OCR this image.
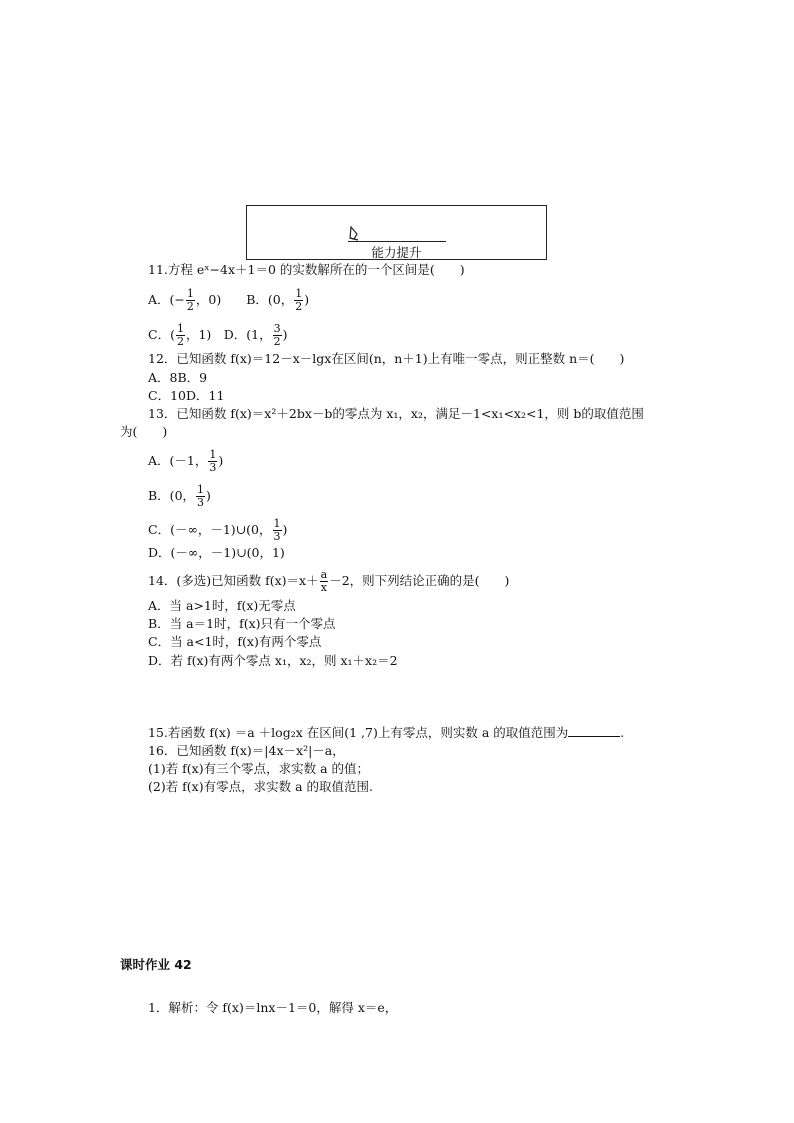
能力提升
11.方程 eˣ−4x＋1＝0 的实数解所在的一个区间是(　　)
A．(− $\frac{1}{2}$ ，0)　　B．(0， $\frac{1}{2}$ )
C．( $\frac{1}{2}$ ，1)　D．(1， $\frac{3}{2}$ )
12．已知函数 f(x)＝12－x－lgx在区间(n，n＋1)上有唯一零点，则正整数 n＝(　　)
A．8B．9
C．10D．11
13．已知函数 f(x)＝x²＋2bx－b的零点为 x₁，x₂，满足－1<x₁<x₂<1，则 b的取值范围
为(　　)
A．(－1， $\frac{1}{3}$ )
B．(0， $\frac{1}{3}$ )
C．(－∞，－1)∪(0， $\frac{1}{3}$ )
D．(－∞，－1)∪(0，1)
14．(多选)已知函数 $f(x)=x+ \frac{a}{x} -2$，则下列结论正确的是(　　)
A．当 a>1时，f(x)无零点
B．当 a＝1时，f(x)只有一个零点
C．当 a<1时，f(x)有两个零点
D．若 f(x)有两个零点 x₁，x₂，则 x₁＋x₂＝2
15.若函数 f(x) ＝a ＋log₂x 在区间(1 ,7)上有零点，则实数 a 的取值范围为	.
16．已知函数 f(x)＝|4x－x²|－a，
(1)若 f(x)有三个零点，求实数 a 的值；
(2)若 f(x)有零点，求实数 a 的取值范围.
课时作业 42
1．解析：令 f(x)＝lnx－1＝0，解得 x＝e，
